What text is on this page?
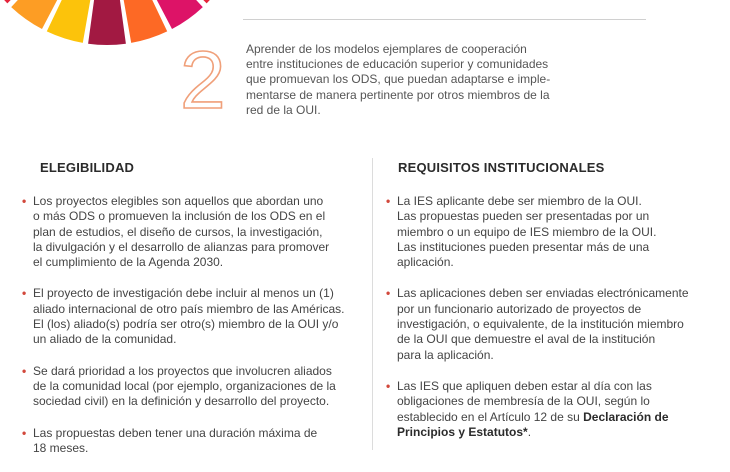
2 Aprender de los modelos ejemplares de cooperación
entre instituciones de educación superior y comunidades
que promuevan los ODS, que puedan adaptarse e imple-
mentarse de manera pertinente por otros miembros de la
red de la OUI.
ELEGIBILIDAD
• Los proyectos elegibles son aquellos que abordan uno
o más ODS o promueven la inclusión de los ODS en el
plan de estudios, el diseño de cursos, la investigación,
la divulgación y el desarrollo de alianzas para promover
el cumplimiento de la Agenda 2030.
• El proyecto de investigación debe incluir al menos un (1)
aliado internacional de otro país miembro de las Américas.
El (los) aliado(s) podría ser otro(s) miembro de la OUI y/o
un aliado de la comunidad.
• Se dará prioridad a los proyectos que involucren aliados
de la comunidad local (por ejemplo, organizaciones de la
sociedad civil) en la definición y desarrollo del proyecto.
• Las propuestas deben tener una duración máxima de
18 meses.
REQUISITOS INSTITUCIONALES
• La IES aplicante debe ser miembro de la OUI.
Las propuestas pueden ser presentadas por un
miembro o un equipo de IES miembro de la OUI.
Las instituciones pueden presentar más de una
aplicación.
• Las aplicaciones deben ser enviadas electrónicamente
por un funcionario autorizado de proyectos de
investigación, o equivalente, de la institución miembro
de la OUI que demuestre el aval de la institución
para la aplicación.
• Las IES que apliquen deben estar al día con las
obligaciones de membresía de la OUI, según lo
establecido en el Artículo 12 de su Declaración de
Principios y Estatutos*.
